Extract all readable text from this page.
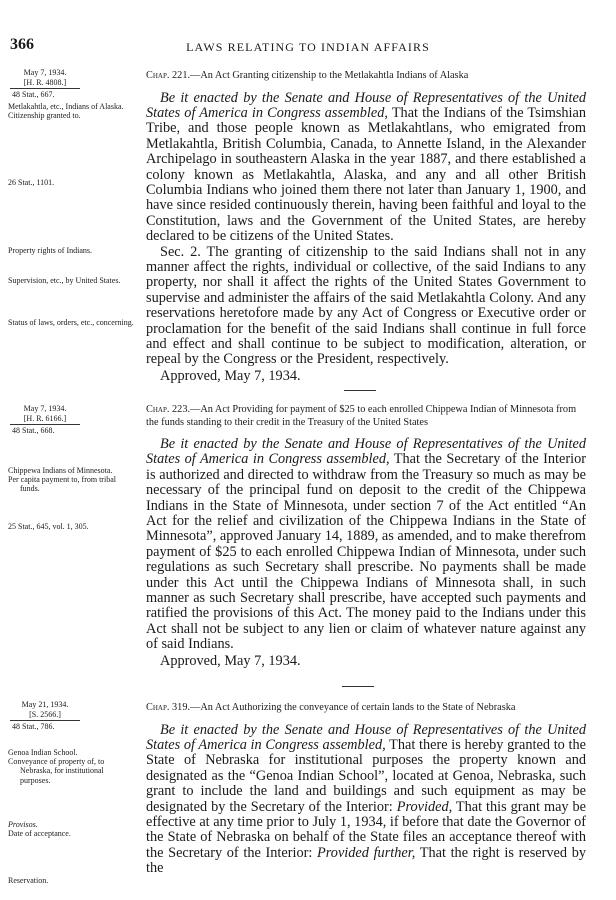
366	LAWS RELATING TO INDIAN AFFAIRS
May 7, 1934.
[H. R. 4808.]
48 Stat., 667.
Metlakahtla, etc., Indians of Alaska.
Citizenship granted to.
26 Stat., 1101.
Property rights of Indians.
Supervision, etc., by United States.
Status of laws, orders, etc., concerning.
Chap. 221.—An Act Granting citizenship to the Metlakahtla Indians of Alaska

Be it enacted by the Senate and House of Representatives of the United States of America in Congress assembled, That the Indians of the Tsimshian Tribe, and those people known as Metlakahtlans, who emigrated from Metlakahtla, British Columbia, Canada, to Annette Island, in the Alexander Archipelago in southeastern Alaska in the year 1887, and there established a colony known as Metlakahtla, Alaska, and any and all other British Columbia Indians who joined them there not later than January 1, 1900, and have since resided continuously therein, having been faithful and loyal to the Constitution, laws and the Government of the United States, are hereby declared to be citizens of the United States.

Sec. 2. The granting of citizenship to the said Indians shall not in any manner affect the rights, individual or collective, of the said Indians to any property, nor shall it affect the rights of the United States Government to supervise and administer the affairs of the said Metlakahtla Colony. And any reservations heretofore made by any Act of Congress or Executive order or proclamation for the benefit of the said Indians shall continue in full force and effect and shall continue to be subject to modification, alteration, or repeal by the Congress or the President, respectively.

Approved, May 7, 1934.
May 7, 1934.
[H. R. 6166.]
48 Stat., 668.
Chippewa Indians of Minnesota.
Per capita payment to, from tribal funds.
25 Stat., 645, vol. 1, 305.
Chap. 223.—An Act Providing for payment of $25 to each enrolled Chippewa Indian of Minnesota from the funds standing to their credit in the Treasury of the United States

Be it enacted by the Senate and House of Representatives of the United States of America in Congress assembled, That the Secretary of the Interior is authorized and directed to withdraw from the Treasury so much as may be necessary of the principal fund on deposit to the credit of the Chippewa Indians in the State of Minnesota, under section 7 of the Act entitled “An Act for the relief and civilization of the Chippewa Indians in the State of Minnesota”, approved January 14, 1889, as amended, and to make therefrom payment of $25 to each enrolled Chippewa Indian of Minnesota, under such regulations as such Secretary shall prescribe. No payments shall be made under this Act until the Chippewa Indians of Minnesota shall, in such manner as such Secretary shall prescribe, have accepted such payments and ratified the provisions of this Act. The money paid to the Indians under this Act shall not be subject to any lien or claim of whatever nature against any of said Indians.

Approved, May 7, 1934.
May 21, 1934.
[S. 2566.]
48 Stat., 786.
Genoa Indian School.
Conveyance of property of, to Nebraska, for institutional purposes.
Provisos.
Date of acceptance.
Reservation.
Chap. 319.—An Act Authorizing the conveyance of certain lands to the State of Nebraska

Be it enacted by the Senate and House of Representatives of the United States of America in Congress assembled, That there is hereby granted to the State of Nebraska for institutional purposes the property known and designated as the “Genoa Indian School”, located at Genoa, Nebraska, such grant to include the land and buildings and such equipment as may be designated by the Secretary of the Interior: Provided, That this grant may be effective at any time prior to July 1, 1934, if before that date the Governor of the State of Nebraska on behalf of the State files an acceptance thereof with the Secretary of the Interior: Provided further, That the right is reserved by the
